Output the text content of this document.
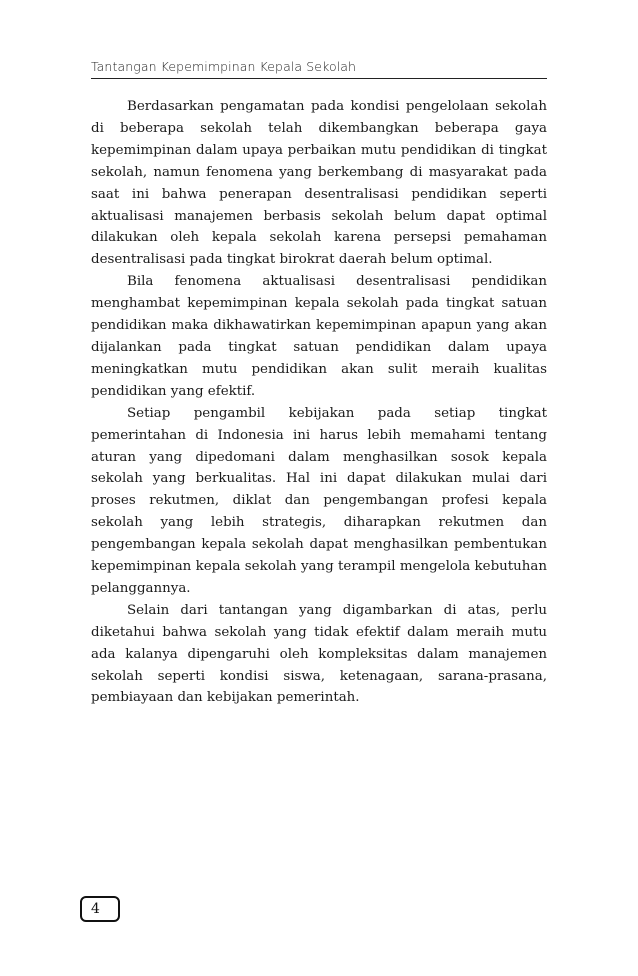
Tantangan Kepemimpinan Kepala Sekolah

Berdasarkan pengamatan pada kondisi pengelolaan sekolah di beberapa sekolah telah dikembangkan beberapa gaya kepemimpinan dalam upaya perbaikan mutu pendidikan di tingkat sekolah, namun fenomena yang berkembang di masyarakat pada saat ini bahwa penerapan desentralisasi pendidikan seperti aktualisasi manajemen berbasis sekolah belum dapat optimal dilakukan oleh kepala sekolah karena persepsi pemahaman desentralisasi pada tingkat birokrat daerah belum optimal.

Bila fenomena aktualisasi desentralisasi pendidikan menghambat kepemimpinan kepala sekolah pada tingkat satuan pendidikan maka dikhawatirkan kepemimpinan apapun yang akan dijalankan pada tingkat satuan pendidikan dalam upaya meningkatkan mutu pendidikan akan sulit meraih kualitas pendidikan yang efektif.

Setiap pengambil kebijakan pada setiap tingkat pemerintahan di Indonesia ini harus lebih memahami tentang aturan yang dipedomani dalam menghasilkan sosok kepala sekolah yang berkualitas. Hal ini dapat dilakukan mulai dari proses rekutmen, diklat dan pengembangan profesi kepala sekolah yang lebih strategis, diharapkan rekutmen dan pengembangan kepala sekolah dapat menghasilkan pembentukan kepemimpinan kepala sekolah yang terampil mengelola kebutuhan pelanggannya.

Selain dari tantangan yang digambarkan di atas, perlu diketahui bahwa sekolah yang tidak efektif dalam meraih mutu ada kalanya dipengaruhi oleh kompleksitas dalam manajemen sekolah seperti kondisi siswa, ketenagaan, sarana-prasana, pembiayaan dan kebijakan pemerintah.

4
